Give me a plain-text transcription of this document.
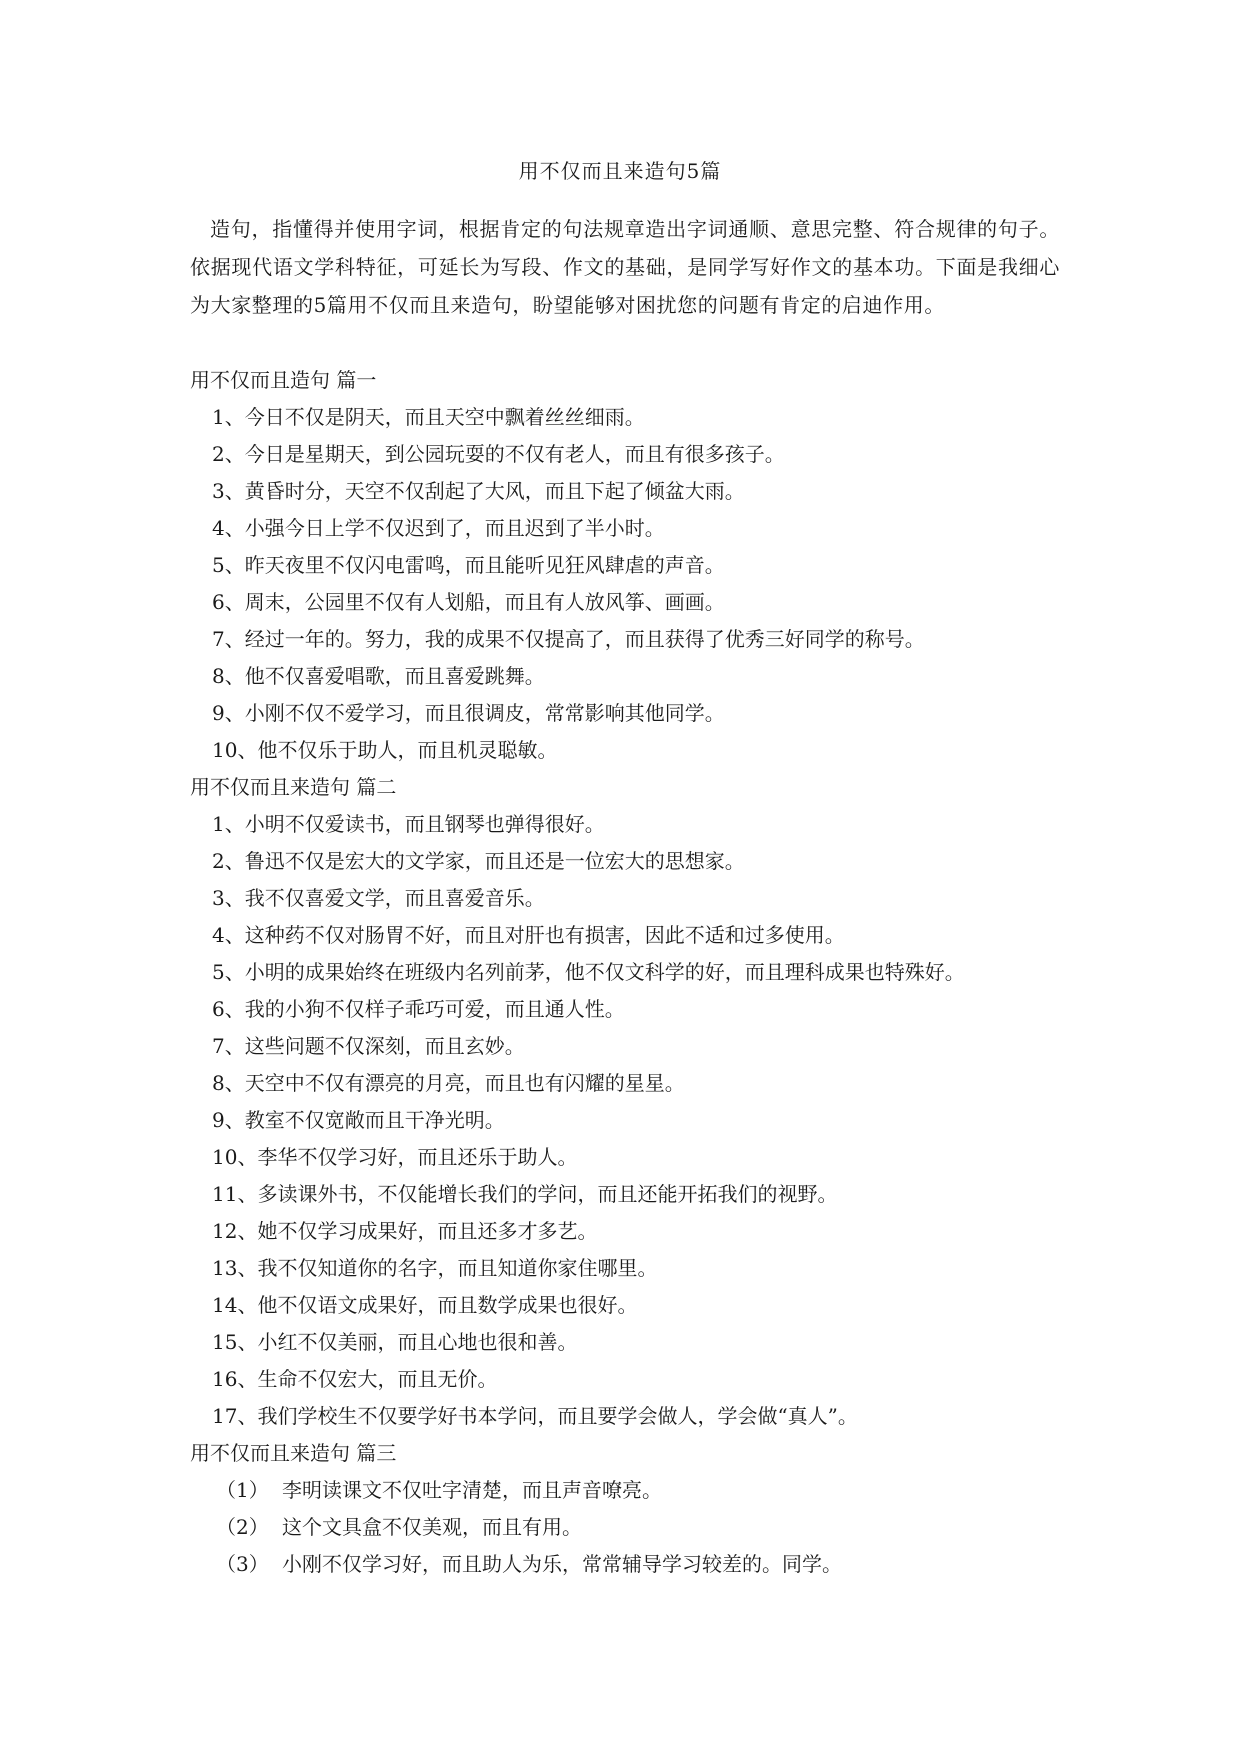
用不仅而且来造句5篇
造句，指懂得并使用字词，根据肯定的句法规章造出字词通顺、意思完整、符合规律的句子。依据现代语文学科特征，可延长为写段、作文的基础，是同学写好作文的基本功。下面是我细心为大家整理的5篇用不仅而且来造句，盼望能够对困扰您的问题有肯定的启迪作用。
用不仅而且造句 篇一
1、今日不仅是阴天，而且天空中飘着丝丝细雨。
2、今日是星期天，到公园玩耍的不仅有老人，而且有很多孩子。
3、黄昏时分，天空不仅刮起了大风，而且下起了倾盆大雨。
4、小强今日上学不仅迟到了，而且迟到了半小时。
5、昨天夜里不仅闪电雷鸣，而且能听见狂风肆虐的声音。
6、周末，公园里不仅有人划船，而且有人放风筝、画画。
7、经过一年的。努力，我的成果不仅提高了，而且获得了优秀三好同学的称号。
8、他不仅喜爱唱歌，而且喜爱跳舞。
9、小刚不仅不爱学习，而且很调皮，常常影响其他同学。
10、他不仅乐于助人，而且机灵聪敏。
用不仅而且来造句 篇二
1、小明不仅爱读书，而且钢琴也弹得很好。
2、鲁迅不仅是宏大的文学家，而且还是一位宏大的思想家。
3、我不仅喜爱文学，而且喜爱音乐。
4、这种药不仅对肠胃不好，而且对肝也有损害，因此不适和过多使用。
5、小明的成果始终在班级内名列前茅，他不仅文科学的好，而且理科成果也特殊好。
6、我的小狗不仅样子乖巧可爱，而且通人性。
7、这些问题不仅深刻，而且玄妙。
8、天空中不仅有漂亮的月亮，而且也有闪耀的星星。
9、教室不仅宽敞而且干净光明。
10、李华不仅学习好，而且还乐于助人。
11、多读课外书，不仅能增长我们的学问，而且还能开拓我们的视野。
12、她不仅学习成果好，而且还多才多艺。
13、我不仅知道你的名字，而且知道你家住哪里。
14、他不仅语文成果好，而且数学成果也很好。
15、小红不仅美丽，而且心地也很和善。
16、生命不仅宏大，而且无价。
17、我们学校生不仅要学好书本学问，而且要学会做人，学会做“真人”。
用不仅而且来造句 篇三
（1） 李明读课文不仅吐字清楚，而且声音嘹亮。
（2） 这个文具盒不仅美观，而且有用。
（3） 小刚不仅学习好，而且助人为乐，常常辅导学习较差的。同学。
